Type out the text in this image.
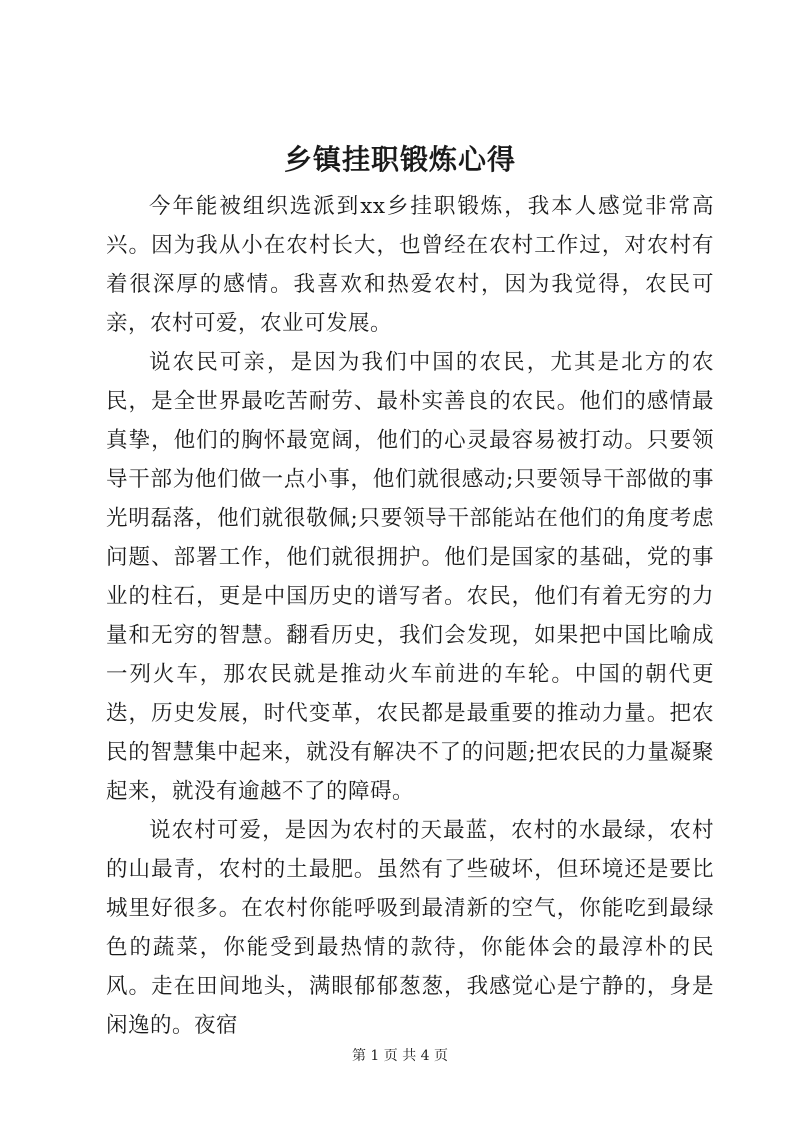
乡镇挂职锻炼心得

今年能被组织选派到xx乡挂职锻炼，我本人感觉非常高兴。因为我从小在农村长大，也曾经在农村工作过，对农村有着很深厚的感情。我喜欢和热爱农村，因为我觉得，农民可亲，农村可爱，农业可发展。

说农民可亲，是因为我们中国的农民，尤其是北方的农民，是全世界最吃苦耐劳、最朴实善良的农民。他们的感情最真挚，他们的胸怀最宽阔，他们的心灵最容易被打动。只要领导干部为他们做一点小事，他们就很感动;只要领导干部做的事光明磊落，他们就很敬佩;只要领导干部能站在他们的角度考虑问题、部署工作，他们就很拥护。他们是国家的基础，党的事业的柱石，更是中国历史的谱写者。农民，他们有着无穷的力量和无穷的智慧。翻看历史，我们会发现，如果把中国比喻成一列火车，那农民就是推动火车前进的车轮。中国的朝代更迭，历史发展，时代变革，农民都是最重要的推动力量。把农民的智慧集中起来，就没有解决不了的问题;把农民的力量凝聚起来，就没有逾越不了的障碍。

说农村可爱，是因为农村的天最蓝，农村的水最绿，农村的山最青，农村的土最肥。虽然有了些破坏，但环境还是要比城里好很多。在农村你能呼吸到最清新的空气，你能吃到最绿色的蔬菜，你能受到最热情的款待，你能体会的最淳朴的民风。走在田间地头，满眼郁郁葱葱，我感觉心是宁静的，身是闲逸的。夜宿

第 1 页 共 4 页
